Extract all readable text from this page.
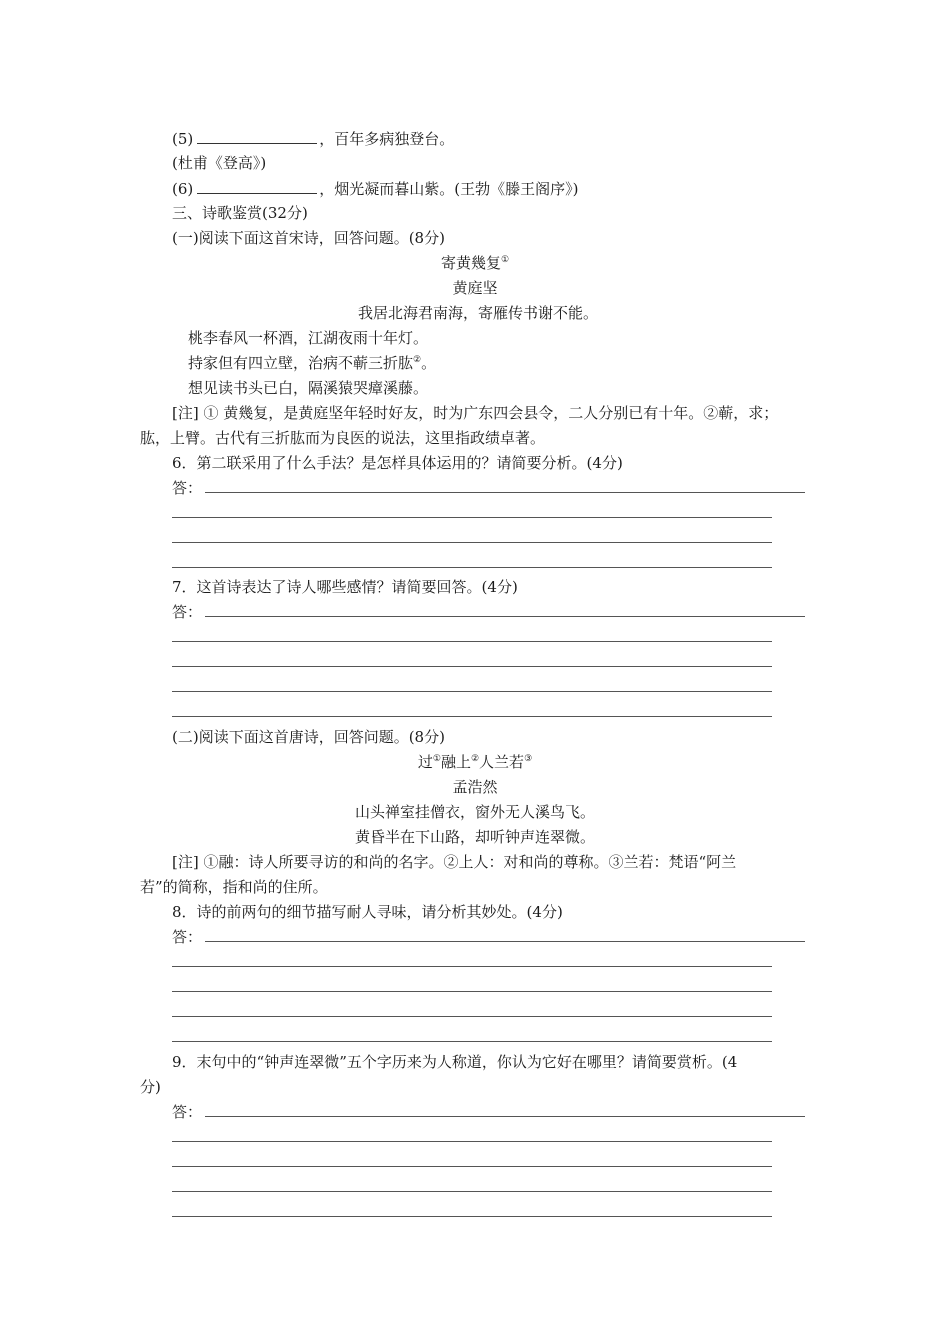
(5)	，百年多病独登台。
(杜甫《登高》)
(6)	，烟光凝而暮山紫。(王勃《滕王阁序》)
三、诗歌鉴赏(32分)
(一)阅读下面这首宋诗，回答问题。(8分)
寄黄幾复①
黄庭坚
我居北海君南海，寄雁传书谢不能。
桃李春风一杯酒，江湖夜雨十年灯。
持家但有四立壁，治病不蕲三折肱②。
想见读书头已白，隔溪猿哭瘴溪藤。
[注] ① 黄幾复，是黄庭坚年轻时好友，时为广东四会县令，二人分别已有十年。②蕲，求；
肱，上臂。古代有三折肱而为良医的说法，这里指政绩卓著。
6．第二联采用了什么手法？是怎样具体运用的？请简要分析。(4分)
答：
7．这首诗表达了诗人哪些感情？请简要回答。(4分)
答：
(二)阅读下面这首唐诗，回答问题。(8分)
过①融上②人兰若③
孟浩然
山头禅室挂僧衣，窗外无人溪鸟飞。
黄昏半在下山路，却听钟声连翠微。
[注] ①融：诗人所要寻访的和尚的名字。②上人：对和尚的尊称。③兰若：梵语“阿兰
若”的简称，指和尚的住所。
8．诗的前两句的细节描写耐人寻味，请分析其妙处。(4分)
答：
9．末句中的“钟声连翠微”五个字历来为人称道，你认为它好在哪里？请简要赏析。(4
分)
答：
